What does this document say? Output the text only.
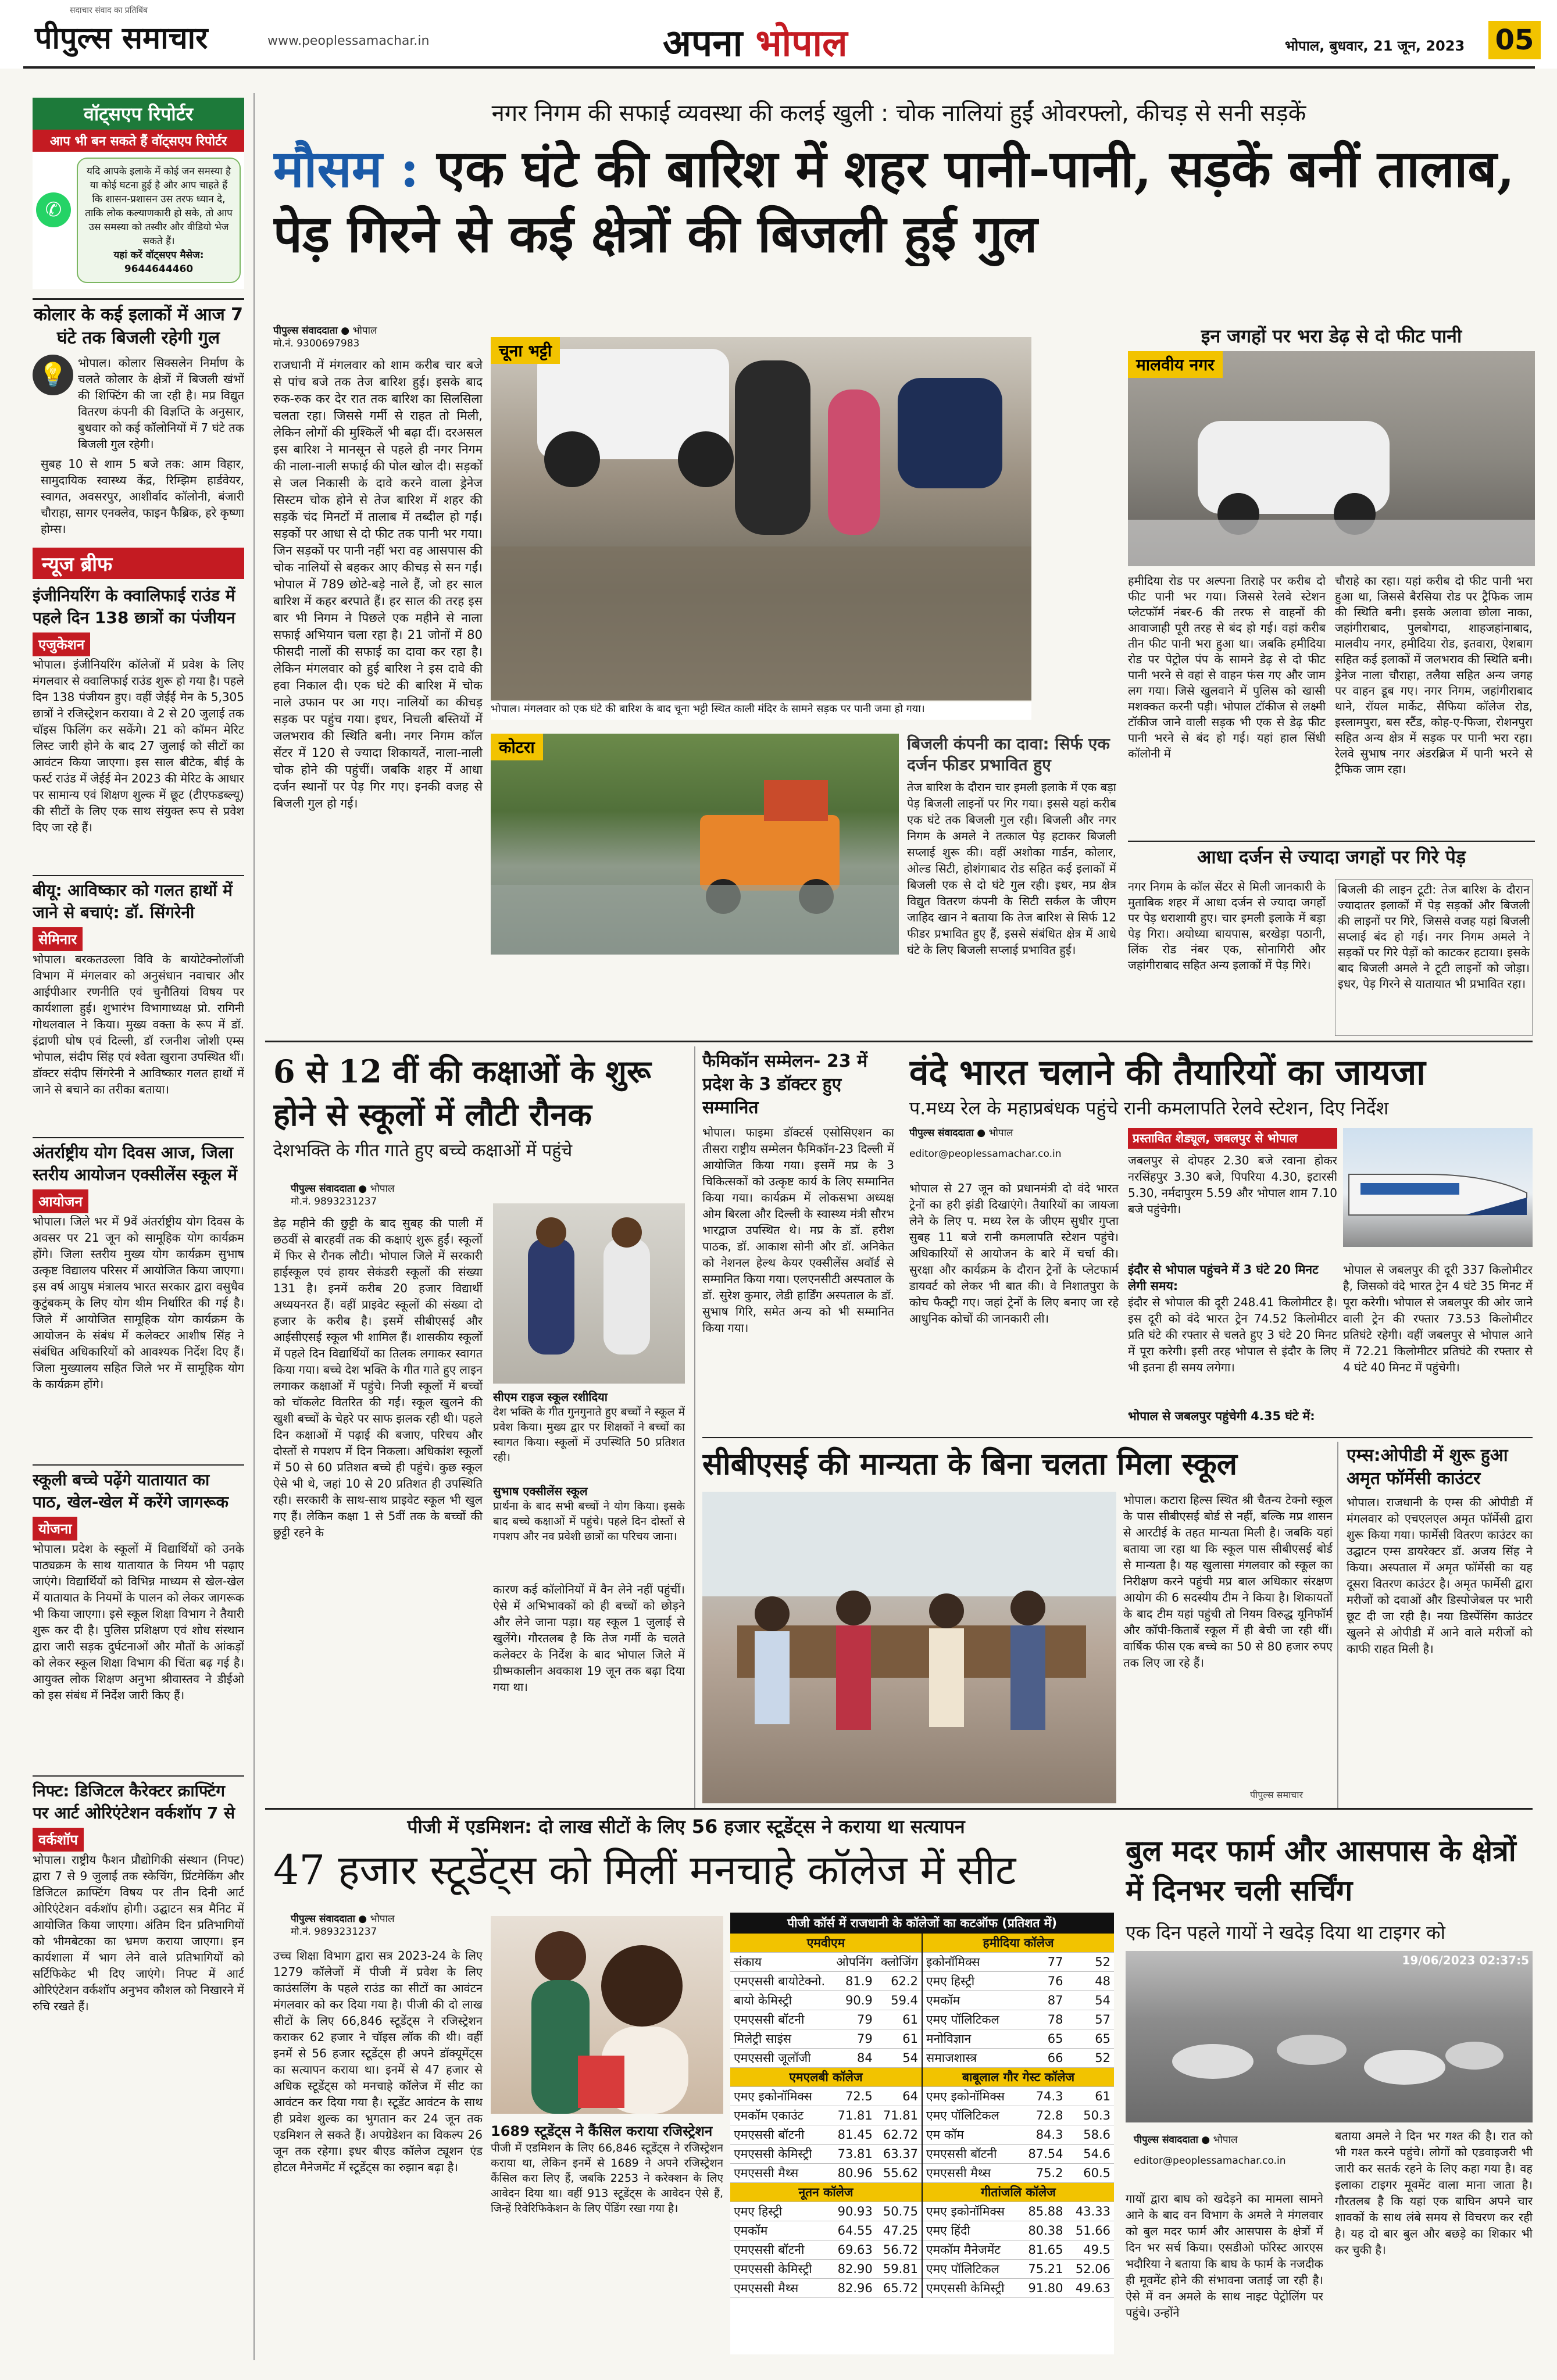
सदाचार संवाद का प्रतिबिंब
पीपुल्स समाचार	www.peoplessamachar.in	अपना भोपाल	भोपाल, बुधवार, 21 जून, 2023 05
वॉट्सएप रिपोर्टर
आप भी बन सकते हैं वॉट्सएप रिपोर्टर
✆
यदि आपके इलाके में कोई जन समस्या है या कोई घटना हुई है और आप चाहते हैं कि शासन-प्रशासन उस तरफ ध्यान दे, ताकि लोक कल्याणकारी हो सके, तो आप उस समस्या को तस्वीर और वीडियो भेज सकते हैं।
यहां करें वॉट्सएप मैसेज:
9644644460
कोलार के कई इलाकों में आज 7 घंटे तक बिजली रहेगी गुल
💡 भोपाल। कोलार सिक्सलेन निर्माण के चलते कोलार के क्षेत्रों में बिजली खंभों की शिफ्टिंग की जा रही है। मप्र विद्युत वितरण कंपनी की विज्ञप्ति के अनुसार, बुधवार को कई कॉलोनियों में 7 घंटे तक बिजली गुल रहेगी।
सुबह 10 से शाम 5 बजे तक: आम विहार, सामुदायिक स्वास्थ्य केंद्र, रिम्झिम हार्डवेयर, स्वागत, अवसरपुर, आशीर्वाद कॉलोनी, बंजारी चौराहा, सागर एनक्लेव, फाइन फैब्रिक, हरे कृष्णा होम्स।
न्यूज ब्रीफ
इंजीनियरिंग के क्वालिफाई राउंड में पहले दिन 138 छात्रों का पंजीयन
एजुकेशन
भोपाल। इंजीनियरिंग कॉलेजों में प्रवेश के लिए मंगलवार से क्वालिफाई राउंड शुरू हो गया है। पहले दिन 138 पंजीयन हुए। वहीं जेईई मेन के 5,305 छात्रों ने रजिस्ट्रेशन कराया। वे 2 से 20 जुलाई तक चॉइस फिलिंग कर सकेंगे। 21 को कॉमन मेरिट लिस्ट जारी होने के बाद 27 जुलाई को सीटों का आवंटन किया जाएगा। इस साल बीटेक, बीई के फर्स्ट राउंड में जेईई मेन 2023 की मेरिट के आधार पर सामान्य एवं शिक्षण शुल्क में छूट (टीएफडब्ल्यू) की सीटों के लिए एक साथ संयुक्त रूप से प्रवेश दिए जा रहे हैं।
बीयू: आविष्कार को गलत हाथों में जाने से बचाएं: डॉ. सिंगरेनी
सेमिनार
भोपाल। बरकतउल्ला विवि के बायोटेक्नोलॉजी विभाग में मंगलवार को अनुसंधान नवाचार और आईपीआर रणनीति एवं चुनौतियां विषय पर कार्यशाला हुई। शुभारंभ विभागाध्यक्ष प्रो. रागिनी गोथलवाल ने किया। मुख्य वक्ता के रूप में डॉ. इंद्राणी घोष एवं दिल्ली, डॉ रजनीश जोशी एम्स भोपाल, संदीप सिंह एवं श्वेता खुराना उपस्थित थीं। डॉक्टर संदीप सिंगरेनी ने आविष्कार गलत हाथों में जाने से बचाने का तरीका बताया।
अंतर्राष्ट्रीय योग दिवस आज, जिला स्तरीय आयोजन एक्सीलेंस स्कूल में
आयोजन
भोपाल। जिले भर में 9वें अंतर्राष्ट्रीय योग दिवस के अवसर पर 21 जून को सामूहिक योग कार्यक्रम होंगे। जिला स्तरीय मुख्य योग कार्यक्रम सुभाष उत्कृष्ट विद्यालय परिसर में आयोजित किया जाएगा। इस वर्ष आयुष मंत्रालय भारत सरकार द्वारा वसुधैव कुटुंबकम् के लिए योग थीम निर्धारित की गई है। जिले में आयोजित सामूहिक योग कार्यक्रम के आयोजन के संबंध में कलेक्टर आशीष सिंह ने संबंधित अधिकारियों को आवश्यक निर्देश दिए हैं। जिला मुख्यालय सहित जिले भर में सामूहिक योग के कार्यक्रम होंगे।
स्कूली बच्चे पढ़ेंगे यातायात का पाठ, खेल-खेल में करेंगे जागरूक
योजना
भोपाल। प्रदेश के स्कूलों में विद्यार्थियों को उनके पाठ्यक्रम के साथ यातायात के नियम भी पढ़ाए जाएंगे। विद्यार्थियों को विभिन्न माध्यम से खेल-खेल में यातायात के नियमों के पालन को लेकर जागरूक भी किया जाएगा। इसे स्कूल शिक्षा विभाग ने तैयारी शुरू कर दी है। पुलिस प्रशिक्षण एवं शोध संस्थान द्वारा जारी सड़क दुर्घटनाओं और मौतों के आंकड़ों को लेकर स्कूल शिक्षा विभाग की चिंता बढ़ गई है। आयुक्त लोक शिक्षण अनुभा श्रीवास्तव ने डीईओ को इस संबंध में निर्देश जारी किए हैं।
निफ्ट: डिजिटल कैरेक्टर क्राफ्टिंग पर आर्ट ओरिएंटेशन वर्कशॉप 7 से
वर्कशॉप
भोपाल। राष्ट्रीय फैशन प्रौद्योगिकी संस्थान (निफ्ट) द्वारा 7 से 9 जुलाई तक स्केचिंग, प्रिंटमेकिंग और डिजिटल क्राफ्टिंग विषय पर तीन दिनी आर्ट ओरिएंटेशन वर्कशॉप होगी। उद्घाटन सत्र मैनिट में आयोजित किया जाएगा। अंतिम दिन प्रतिभागियों को भीमबेटका का भ्रमण कराया जाएगा। इन कार्यशाला में भाग लेने वाले प्रतिभागियों को सर्टिफिकेट भी दिए जाएंगे। निफ्ट में आर्ट ओरिएंटेशन वर्कशॉप अनुभव कौशल को निखारने में रुचि रखते हैं।
नगर निगम की सफाई व्यवस्था की कलई खुली : चोक नालियां हुईं ओवरफ्लो, कीचड़ से सनी सड़कें
मौसम : एक घंटे की बारिश में शहर पानी-पानी, सड़कें बनीं तालाब, पेड़ गिरने से कई क्षेत्रों की बिजली हुई गुल
पीपुल्स संवाददाता ● भोपाल
मो.नं. 9300697983
राजधानी में मंगलवार को शाम करीब चार बजे से पांच बजे तक तेज बारिश हुई। इसके बाद रुक-रुक कर देर रात तक बारिश का सिलसिला चलता रहा। जिससे गर्मी से राहत तो मिली, लेकिन लोगों की मुश्किलें भी बढ़ा दीं। दरअसल इस बारिश ने मानसून से पहले ही नगर निगम की नाला-नाली सफाई की पोल खोल दी। सड़कों से जल निकासी के दावे करने वाला ड्रेनेज सिस्टम चोक होने से तेज बारिश में शहर की सड़कें चंद मिनटों में तालाब में तब्दील हो गईं। सड़कों पर आधा से दो फीट तक पानी भर गया। जिन सड़कों पर पानी नहीं भरा वह आसपास की चोक नालियों से बहकर आए कीचड़ से सन गईं। भोपाल में 789 छोटे-बड़े नाले हैं, जो हर साल बारिश में कहर बरपाते हैं। हर साल की तरह इस बार भी निगम ने पिछले एक महीने से नाला सफाई अभियान चला रहा है। 21 जोनों में 80 फीसदी नालों की सफाई का दावा कर रहा है। लेकिन मंगलवार को हुई बारिश ने इस दावे की हवा निकाल दी। एक घंटे की बारिश में चोक नाले उफान पर आ गए। नालियों का कीचड़ सड़क पर पहुंच गया। इधर, निचली बस्तियों में जलभराव की स्थिति बनी। नगर निगम कॉल सेंटर में 120 से ज्यादा शिकायतें, नाला-नाली चोक होने की पहुंचीं। जबकि शहर में आधा दर्जन स्थानों पर पेड़ गिर गए। इनकी वजह से बिजली गुल हो गई।
चूना भट्टी
भोपाल। मंगलवार को एक घंटे की बारिश के बाद चूना भट्टी स्थित काली मंदिर के सामने सड़क पर पानी जमा हो गया।
कोटरा	बिजली कंपनी का दावा: सिर्फ एक दर्जन फीडर प्रभावित हुए
तेज बारिश के दौरान चार इमली इलाके में एक बड़ा पेड़ बिजली लाइनों पर गिर गया। इससे यहां करीब एक घंटे तक बिजली गुल रही। बिजली और नगर निगम के अमले ने तत्काल पेड़ हटाकर बिजली सप्लाई शुरू की। वहीं अशोका गार्डन, कोलार, ओल्ड सिटी, होशंगाबाद रोड सहित कई इलाकों में बिजली एक से दो घंटे गुल रही। इधर, मप्र क्षेत्र विद्युत वितरण कंपनी के सिटी सर्कल के जीएम जाहिद खान ने बताया कि तेज बारिश से सिर्फ 12 फीडर प्रभावित हुए हैं, इससे संबंधित क्षेत्र में आधे घंटे के लिए बिजली सप्लाई प्रभावित हुई।
इन जगहों पर भरा डेढ़ से दो फीट पानी
मालवीय नगर
हमीदिया रोड पर अल्पना तिराहे पर करीब दो फीट पानी भर गया। जिससे रेलवे स्टेशन प्लेटफॉर्म नंबर-6 की तरफ से वाहनों की आवाजाही पूरी तरह से बंद हो गई। वहां करीब तीन फीट पानी भरा हुआ था। जबकि हमीदिया रोड पर पेट्रोल पंप के सामने डेढ़ से दो फीट पानी भरने से वहां से वाहन फंस गए और जाम लग गया। जिसे खुलवाने में पुलिस को खासी मशक्कत करनी पड़ी। भोपाल टॉकीज से लक्ष्मी टॉकीज जाने वाली सड़क भी एक से डेढ़ फीट पानी भरने से बंद हो गई। यहां हाल सिंधी कॉलोनी में
चौराहे का रहा। यहां करीब दो फीट पानी भरा हुआ था, जिससे बैरसिया रोड पर ट्रैफिक जाम की स्थिति बनी। इसके अलावा छोला नाका, जहांगीराबाद, पुलबोगदा, शाहजहांनाबाद, मालवीय नगर, हमीदिया रोड, इतवारा, ऐशबाग सहित कई इलाकों में जलभराव की स्थिति बनी। ड्रेनेज नाला चौराहा, तलैया सहित अन्य जगह पर वाहन डूब गए। नगर निगम, जहांगीराबाद थाने, रॉयल मार्केट, सैफिया कॉलेज रोड, इस्लामपुरा, बस स्टैंड, कोह-ए-फिजा, रोशनपुरा सहित अन्य क्षेत्र में सड़क पर पानी भरा रहा। रेलवे सुभाष नगर अंडरब्रिज में पानी भरने से ट्रैफिक जाम रहा।
आधा दर्जन से ज्यादा जगहों पर गिरे पेड़
नगर निगम के कॉल सेंटर से मिली जानकारी के मुताबिक शहर में आधा दर्जन से ज्यादा जगहों पर पेड़ धराशायी हुए। चार इमली इलाके में बड़ा पेड़ गिरा। अयोध्या बायपास, बरखेड़ा पठानी, लिंक रोड नंबर एक, सोनागिरी और जहांगीराबाद सहित अन्य इलाकों में पेड़ गिरे।
बिजली की लाइन टूटी: तेज बारिश के दौरान ज्यादातर इलाकों में पेड़ सड़कों और बिजली की लाइनों पर गिरे, जिससे वजह यहां बिजली सप्लाई बंद हो गई। नगर निगम अमले ने सड़कों पर गिरे पेड़ों को काटकर हटाया। इसके बाद बिजली अमले ने टूटी लाइनों को जोड़ा। इधर, पेड़ गिरने से यातायात भी प्रभावित रहा।
6 से 12 वीं की कक्षाओं के शुरू होने से स्कूलों में लौटी रौनक
देशभक्ति के गीत गाते हुए बच्चे कक्षाओं में पहुंचे
पीपुल्स संवाददाता ● भोपाल
मो.नं. 9893231237
डेढ़ महीने की छुट्टी के बाद सुबह की पाली में छठवीं से बारहवीं तक की कक्षाएं शुरू हुईं। स्कूलों में फिर से रौनक लौटी। भोपाल जिले में सरकारी हाईस्कूल एवं हायर सेकंडरी स्कूलों की संख्या 131 है। इनमें करीब 20 हजार विद्यार्थी अध्ययनरत हैं। वहीं प्राइवेट स्कूलों की संख्या दो हजार के करीब है। इसमें सीबीएसई और आईसीएसई स्कूल भी शामिल हैं। शासकीय स्कूलों में पहले दिन विद्यार्थियों का तिलक लगाकर स्वागत किया गया। बच्चे देश भक्ति के गीत गाते हुए लाइन लगाकर कक्षाओं में पहुंचे। निजी स्कूलों में बच्चों को चॉकलेट वितरित की गईं। स्कूल खुलने की खुशी बच्चों के चेहरे पर साफ झलक रही थी। पहले दिन कक्षाओं में पढ़ाई की बजाए, परिचय और दोस्तों से गपशप में दिन निकला। अधिकांश स्कूलों में 50 से 60 प्रतिशत बच्चे ही पहुंचे। कुछ स्कूल ऐसे भी थे, जहां 10 से 20 प्रतिशत ही उपस्थिति रही। सरकारी के साथ-साथ प्राइवेट स्कूल भी खुल गए हैं। लेकिन कक्षा 1 से 5वीं तक के बच्चों की छुट्टी रहने के
सीएम राइज स्कूल रशीदिया
देश भक्ति के गीत गुनगुनाते हुए बच्चों ने स्कूल में प्रवेश किया। मुख्य द्वार पर शिक्षकों ने बच्चों का स्वागत किया। स्कूलों में उपस्थिति 50 प्रतिशत रही।
सुभाष एक्सीलेंस स्कूल
प्रार्थना के बाद सभी बच्चों ने योग किया। इसके बाद बच्चे कक्षाओं में पहुंचे। पहले दिन दोस्तों से गपशप और नव प्रवेशी छात्रों का परिचय जाना।
कारण कई कॉलोनियों में वैन लेने नहीं पहुंचीं। ऐसे में अभिभावकों को ही बच्चों को छोड़ने और लेने जाना पड़ा। यह स्कूल 1 जुलाई से खुलेंगे। गौरतलब है कि तेज गर्मी के चलते कलेक्टर के निर्देश के बाद भोपाल जिले में ग्रीष्मकालीन अवकाश 19 जून तक बढ़ा दिया गया था।
फैमिकॉन सम्मेलन- 23 में प्रदेश के 3 डॉक्टर हुए सम्मानित
भोपाल। फाइमा डॉक्टर्स एसोसिएशन का तीसरा राष्ट्रीय सम्मेलन फैमिकॉन-23 दिल्ली में आयोजित किया गया। इसमें मप्र के 3 चिकित्सकों को उत्कृष्ट कार्य के लिए सम्मानित किया गया। कार्यक्रम में लोकसभा अध्यक्ष ओम बिरला और दिल्ली के स्वास्थ्य मंत्री सौरभ भारद्वाज उपस्थित थे। मप्र के डॉ. हरीश पाठक, डॉ. आकाश सोनी और डॉ. अनिकेत को नेशनल हेल्थ केयर एक्सीलेंस अवॉर्ड से सम्मानित किया गया। एलएनसीटी अस्पताल के डॉ. सुरेश कुमार, लेडी हार्डिंग अस्पताल के डॉ. सुभाष गिरि, समेत अन्य को भी सम्मानित किया गया।
वंदे भारत चलाने की तैयारियों का जायजा
प.मध्य रेल के महाप्रबंधक पहुंचे रानी कमलापति रेलवे स्टेशन, दिए निर्देश
पीपुल्स संवाददाता ● भोपाल
editor@peoplessamachar.co.in
भोपाल से 27 जून को प्रधानमंत्री दो वंदे भारत ट्रेनों का हरी झंडी दिखाएंगे। तैयारियों का जायजा लेने के लिए प. मध्य रेल के जीएम सुधीर गुप्ता सुबह 11 बजे रानी कमलापति स्टेशन पहुंचे। अधिकारियों से आयोजन के बारे में चर्चा की। सुरक्षा और कार्यक्रम के दौरान ट्रेनों के प्लेटफार्म डायवर्ट को लेकर भी बात की। वे निशातपुरा के कोच फैक्ट्री गए। जहां ट्रेनों के लिए बनाए जा रहे आधुनिक कोचों की जानकारी ली।
प्रस्तावित शेड्यूल, जबलपुर से भोपाल
जबलपुर से दोपहर 2.30 बजे रवाना होकर नरसिंहपुर 3.30 बजे, पिपरिया 4.30, इटारसी 5.30, नर्मदापुरम 5.59 और भोपाल शाम 7.10 बजे पहुंचेगी।
इंदौर से भोपाल पहुंचने में 3 घंटे 20 मिनट लेगी समय:
इंदौर से भोपाल की दूरी 248.41 किलोमीटर है। इस दूरी को वंदे भारत ट्रेन 74.52 किलोमीटर प्रति घंटे की रफ्तार से चलते हुए 3 घंटे 20 मिनट में पूरा करेगी। इसी तरह भोपाल से इंदौर के लिए भी इतना ही समय लगेगा।
भोपाल से जबलपुर पहुंचेगी 4.35 घंटे में:
भोपाल से जबलपुर की दूरी 337 किलोमीटर है, जिसको वंदे भारत ट्रेन 4 घंटे 35 मिनट में पूरा करेगी। भोपाल से जबलपुर की ओर जाने वाली ट्रेन की रफ्तार 73.53 किलोमीटर प्रतिघंटे रहेगी। वहीं जबलपुर से भोपाल आने में 72.21 किलोमीटर प्रतिघंटे की रफ्तार से 4 घंटे 40 मिनट में पहुंचेगी।
सीबीएसई की मान्यता के बिना चलता मिला स्कूल
भोपाल। कटारा हिल्स स्थित श्री चैतन्य टेक्नो स्कूल के पास सीबीएसई बोर्ड से नहीं, बल्कि मप्र शासन से आरटीई के तहत मान्यता मिली है। जबकि यहां बताया जा रहा था कि स्कूल पास सीबीएसई बोर्ड से मान्यता है। यह खुलासा मंगलवार को स्कूल का निरीक्षण करने पहुंची मप्र बाल अधिकार संरक्षण आयोग की 6 सदस्यीय टीम ने किया है। शिकायतों के बाद टीम यहां पहुंची तो नियम विरुद्ध यूनिफॉर्म और कॉपी-किताबें स्कूल में ही बेची जा रही थीं। वार्षिक फीस एक बच्चे का 50 से 80 हजार रुपए तक लिए जा रहे हैं।
पीपुल्स समाचार
एम्स:ओपीडी में शुरू हुआ अमृत फॉर्मेसी काउंटर
भोपाल। राजधानी के एम्स की ओपीडी में मंगलवार को एचएलएल अमृत फॉर्मेसी द्वारा शुरू किया गया। फार्मेसी वितरण काउंटर का उद्घाटन एम्स डायरेक्टर डॉ. अजय सिंह ने किया। अस्पताल में अमृत फॉर्मेसी का यह दूसरा वितरण काउंटर है। अमृत फार्मेसी द्वारा मरीजों को दवाओं और डिस्पोजेबल पर भारी छूट दी जा रही है। नया डिस्पेंसिंग काउंटर खुलने से ओपीडी में आने वाले मरीजों को काफी राहत मिली है।
पीजी में एडमिशन: दो लाख सीटों के लिए 56 हजार स्टूडेंट्स ने कराया था सत्यापन
47 हजार स्टूडेंट्स को मिलीं मनचाहे कॉलेज में सीट
पीपुल्स संवाददाता ● भोपाल
मो.नं. 9893231237
उच्च शिक्षा विभाग द्वारा सत्र 2023-24 के लिए 1279 कॉलेजों में पीजी में प्रवेश के लिए काउंसलिंग के पहले राउंड का सीटों का आवंटन मंगलवार को कर दिया गया है। पीजी की दो लाख सीटों के लिए 66,846 स्टूडेंट्स ने रजिस्ट्रेशन कराकर 62 हजार ने चॉइस लॉक की थी। वहीं इनमें से 56 हजार स्टूडेंट्स ही अपने डॉक्यूमेंट्स का सत्यापन कराया था। इनमें से 47 हजार से अधिक स्टूडेंट्स को मनचाहे कॉलेज में सीट का आवंटन कर दिया गया है। स्टूडेंट आवंटन के साथ ही प्रवेश शुल्क का भुगतान कर 24 जून तक एडमिशन ले सकते हैं। अपग्रेडेशन का विकल्प 26 जून तक रहेगा। इधर बीएड कॉलेज ट्यूशन एंड होटल मैनेजमेंट में स्टूडेंट्स का रुझान बढ़ा है।
1689 स्टूडेंट्स ने कैंसिल कराया रजिस्ट्रेशन
पीजी में एडमिशन के लिए 66,846 स्टूडेंट्स ने रजिस्ट्रेशन कराया था, लेकिन इनमें से 1689 ने अपने रजिस्ट्रेशन कैंसिल करा लिए हैं, जबकि 2253 ने करेक्शन के लिए आवेदन दिया था। वहीं 913 स्टूडेंट्स के आवेदन ऐसे हैं, जिन्हें रिवेरिफिकेशन के लिए पेंडिंग रखा गया है।
पीजी कॉर्स में राजधानी के कॉलेजों का कटऑफ (प्रतिशत में)
एमवीएम		
संकाय	ओपनिंग	क्लोजिंग
एमएससी बायोटेक्नो.	81.9	62.2
बायो केमिस्ट्री	90.9	59.4
एमएससी बॉटनी	79	61
मिलेट्री साइंस	79	61
एमएससी जूलॉजी	84	54
एमएलबी कॉलेज		
एमए इकोनॉमिक्स	72.5	64
एमकॉम एकाउंट	71.81	71.81
एमएससी बॉटनी	81.45	62.72
एमएससी केमिस्ट्री	73.81	63.37
एमएससी मैथ्स	80.96	55.62
नूतन कॉलेज		
एमए हिस्ट्री	90.93	50.75
एमकॉम	64.55	47.25
एमएससी बॉटनी	69.63	56.72
एमएससी केमिस्ट्री	82.90	59.81
एमएससी मैथ्स	82.96	65.72
हमीदिया कॉलेज		
इकोनॉमिक्स	77	52
एमए हिस्ट्री	76	48
एमकॉम	87	54
एमए पॉलिटिकल	78	57
मनोविज्ञान	65	65
समाजशास्त्र	66	52
बाबूलाल गौर गेस्ट कॉलेज		
एमए इकोनॉमिक्स	74.3	61
एमए पॉलिटिकल	72.8	50.3
एम कॉम	84.3	58.6
एमएससी बॉटनी	87.54	54.6
एमएससी मैथ्स	75.2	60.5
गीतांजलि कॉलेज		
एमए इकोनॉमिक्स	85.88	43.33
एमए हिंदी	80.38	51.66
एमकॉम मैनेजमेंट	81.65	49.5
एमए पॉलिटिकल	75.21	52.06
एमएससी केमिस्ट्री	91.80	49.63
बुल मदर फार्म और आसपास के क्षेत्रों में दिनभर चली सर्चिंग
एक दिन पहले गायों ने खदेड़ दिया था टाइगर को
19/06/2023 02:37:5
पीपुल्स संवाददाता ● भोपाल
editor@peoplessamachar.co.in
गायों द्वारा बाघ को खदेड़ने का मामला सामने आने के बाद वन विभाग के अमले ने मंगलवार को बुल मदर फार्म और आसपास के क्षेत्रों में दिन भर सर्च किया। एसडीओ फॉरेस्ट आरएस भदौरिया ने बताया कि बाघ के फार्म के नजदीक ही मूवमेंट होने की संभावना जताई जा रही है। ऐसे में वन अमले के साथ नाइट पेट्रोलिंग पर पहुंचे। उन्होंने
बताया अमले ने दिन भर गश्त की है। रात को भी गश्त करने पहुंचे। लोगों को एडवाइजरी भी जारी कर सतर्क रहने के लिए कहा गया है। वह इलाका टाइगर मूवमेंट वाला माना जाता है। गौरतलब है कि यहां एक बाघिन अपने चार शावकों के साथ लंबे समय से विचरण कर रही है। यह दो बार बुल और बछड़े का शिकार भी कर चुकी है।
